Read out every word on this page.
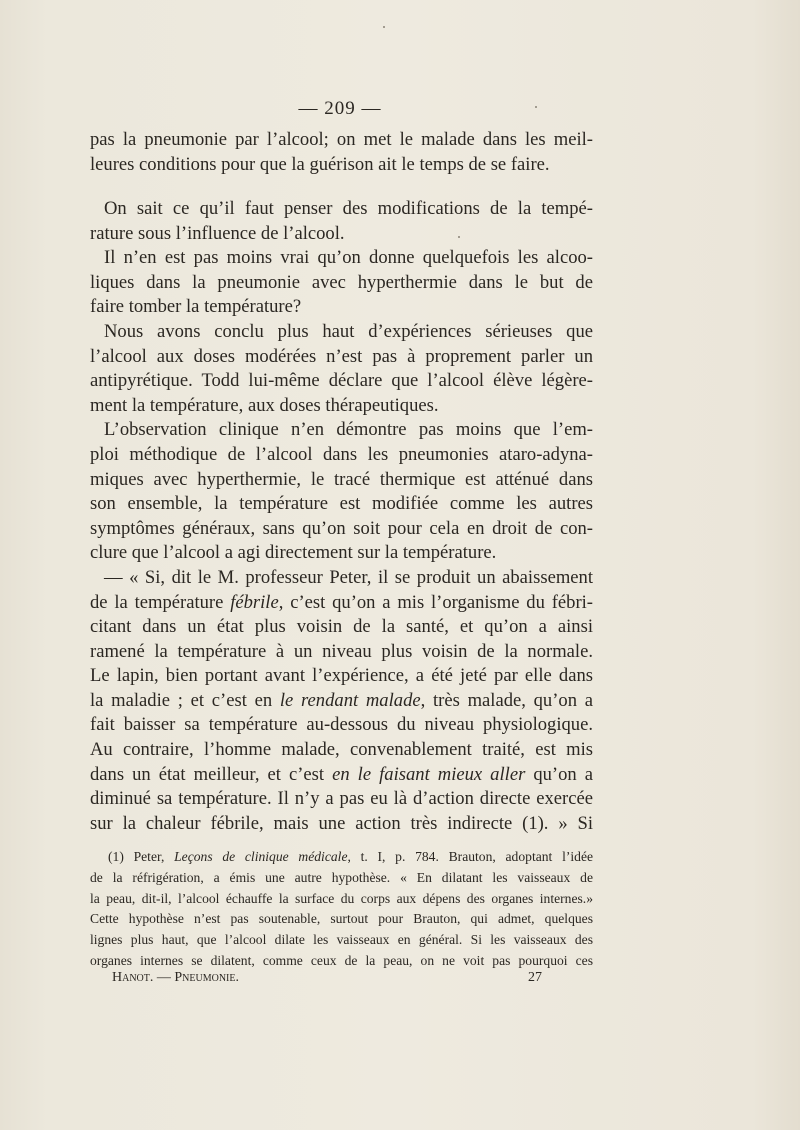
— 209 —
pas la pneumonie par l’alcool; on met le malade dans les meil-
leures conditions pour que la guérison ait le temps de se faire.
On sait ce qu’il faut penser des modifications de la tempé-
rature sous l’influence de l’alcool.
Il n’en est pas moins vrai qu’on donne quelquefois les alcoo-
liques dans la pneumonie avec hyperthermie dans le but de
faire tomber la température?
Nous avons conclu plus haut d’expériences sérieuses que
l’alcool aux doses modérées n’est pas à proprement parler un
antipyrétique. Todd lui-même déclare que l’alcool élève légère-
ment la température, aux doses thérapeutiques.
L’observation clinique n’en démontre pas moins que l’em-
ploi méthodique de l’alcool dans les pneumonies ataro-adyna-
miques avec hyperthermie, le tracé thermique est atténué dans
son ensemble, la température est modifiée comme les autres
symptômes généraux, sans qu’on soit pour cela en droit de con-
clure que l’alcool a agi directement sur la température.
— « Si, dit le M. professeur Peter, il se produit un abaissement
de la température fébrile, c’est qu’on a mis l’organisme du fébri-
citant dans un état plus voisin de la santé, et qu’on a ainsi
ramené la température à un niveau plus voisin de la normale.
Le lapin, bien portant avant l’expérience, a été jeté par elle dans
la maladie ; et c’est en le rendant malade, très malade, qu’on a
fait baisser sa température au-dessous du niveau physiologique.
Au contraire, l’homme malade, convenablement traité, est mis
dans un état meilleur, et c’est en le faisant mieux aller qu’on a
diminué sa température. Il n’y a pas eu là d’action directe exercée
sur la chaleur fébrile, mais une action très indirecte (1). » Si
(1) Peter, Leçons de clinique médicale, t. I, p. 784. Brauton, adoptant l’idée
de la réfrigération, a émis une autre hypothèse. « En dilatant les vaisseaux de
la peau, dit-il, l’alcool échauffe la surface du corps aux dépens des organes internes.»
Cette hypothèse n’est pas soutenable, surtout pour Brauton, qui admet, quelques
lignes plus haut, que l’alcool dilate les vaisseaux en général. Si les vaisseaux des
organes internes se dilatent, comme ceux de la peau, on ne voit pas pourquoi ces
Hanot. — Pneumonie.	27
